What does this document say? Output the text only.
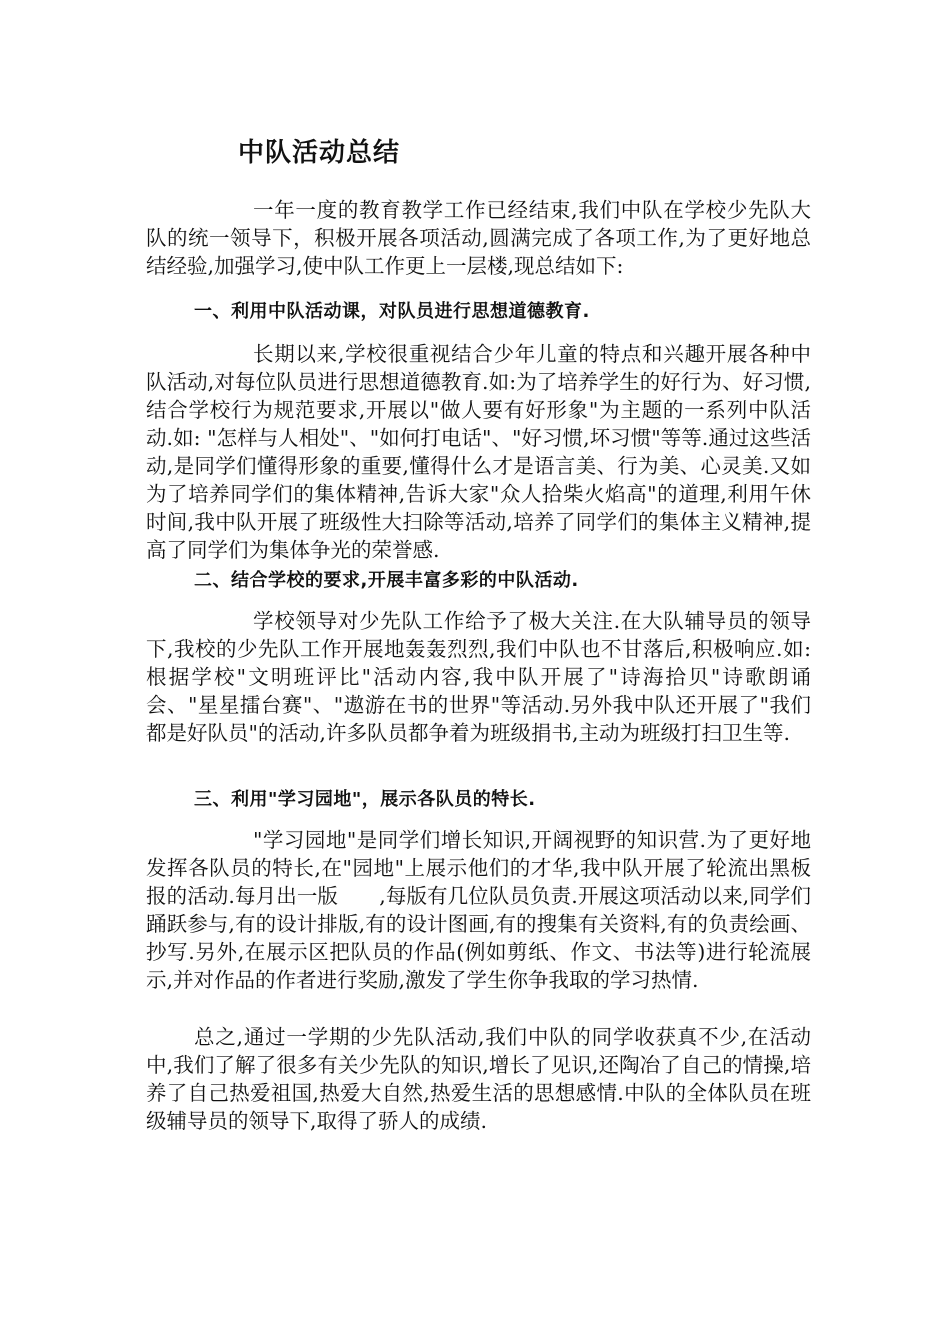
中队活动总结

一年一度的教育教学工作已经结束,我们中队在学校少先队大队的统一领导下，积极开展各项活动,圆满完成了各项工作,为了更好地总结经验,加强学习,使中队工作更上一层楼,现总结如下:

一、利用中队活动课，对队员进行思想道德教育.

长期以来,学校很重视结合少年儿童的特点和兴趣开展各种中队活动,对每位队员进行思想道德教育.如:为了培养学生的好行为、好习惯,结合学校行为规范要求,开展以"做人要有好形象"为主题的一系列中队活动.如: "怎样与人相处"、"如何打电话"、"好习惯,坏习惯"等等.通过这些活动,是同学们懂得形象的重要,懂得什么才是语言美、行为美、心灵美.又如为了培养同学们的集体精神,告诉大家"众人拾柴火焰高"的道理,利用午休时间,我中队开展了班级性大扫除等活动,培养了同学们的集体主义精神,提高了同学们为集体争光的荣誉感.

二、结合学校的要求,开展丰富多彩的中队活动.

学校领导对少先队工作给予了极大关注.在大队辅导员的领导下,我校的少先队工作开展地轰轰烈烈,我们中队也不甘落后,积极响应.如:根据学校"文明班评比"活动内容,我中队开展了"诗海拾贝"诗歌朗诵会、"星星擂台赛"、"遨游在书的世界"等活动.另外我中队还开展了"我们都是好队员"的活动,许多队员都争着为班级捐书,主动为班级打扫卫生等.

三、利用"学习园地"，展示各队员的特长.

"学习园地"是同学们增长知识,开阔视野的知识营.为了更好地发挥各队员的特长,在"园地"上展示他们的才华,我中队开展了轮流出黑板报的活动.每月出一版　　,每版有几位队员负责.开展这项活动以来,同学们踊跃参与,有的设计排版,有的设计图画,有的搜集有关资料,有的负责绘画、抄写.另外,在展示区把队员的作品(例如剪纸、作文、书法等)进行轮流展示,并对作品的作者进行奖励,激发了学生你争我取的学习热情.

总之,通过一学期的少先队活动,我们中队的同学收获真不少,在活动中,我们了解了很多有关少先队的知识,增长了见识,还陶冶了自己的情操,培养了自己热爱祖国,热爱大自然,热爱生活的思想感情.中队的全体队员在班级辅导员的领导下,取得了骄人的成绩.
